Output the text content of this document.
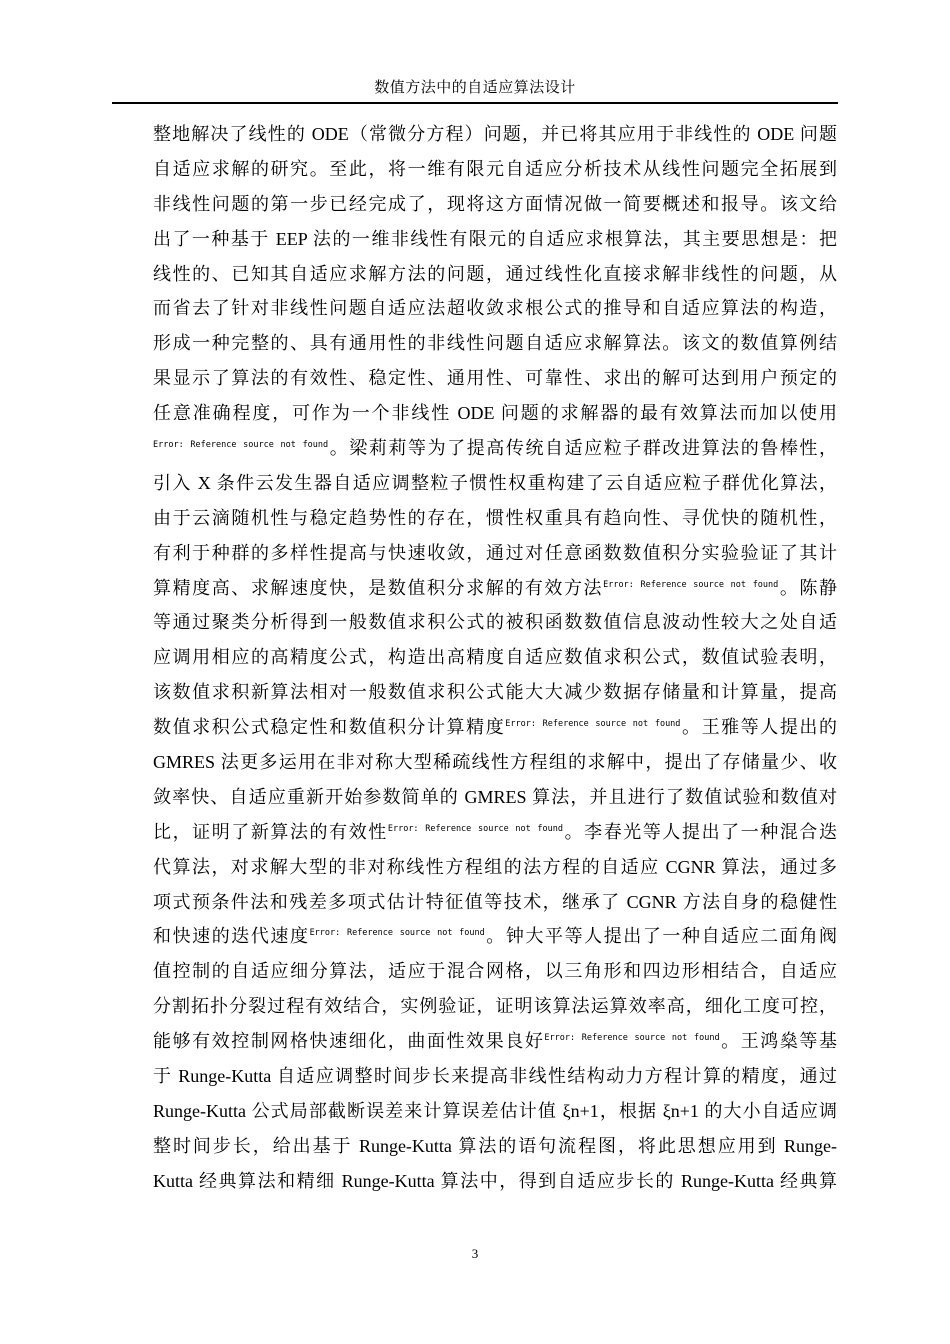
数值方法中的自适应算法设计
整地解决了线性的 ODE（常微分方程）问题，并已将其应用于非线性的 ODE 问题
自适应求解的研究。至此，将一维有限元自适应分析技术从线性问题完全拓展到
非线性问题的第一步已经完成了，现将这方面情况做一简要概述和报导。该文给
出了一种基于 EEP 法的一维非线性有限元的自适应求根算法，其主要思想是：把
线性的、已知其自适应求解方法的问题，通过线性化直接求解非线性的问题，从
而省去了针对非线性问题自适应法超收敛求根公式的推导和自适应算法的构造，
形成一种完整的、具有通用性的非线性问题自适应求解算法。该文的数值算例结
果显示了算法的有效性、稳定性、通用性、可靠性、求出的解可达到用户预定的
任意准确程度，可作为一个非线性 ODE 问题的求解器的最有效算法而加以使用
$^{Error: Reference source not found}$。梁莉莉等为了提高传统自适应粒子群改进算法的鲁棒性，
引入 X 条件云发生器自适应调整粒子惯性权重构建了云自适应粒子群优化算法，
由于云滴随机性与稳定趋势性的存在，惯性权重具有趋向性、寻优快的随机性，
有利于种群的多样性提高与快速收敛，通过对任意函数数值积分实验验证了其计
算精度高、求解速度快，是数值积分求解的有效方法$^{Error: Reference source not found}$。陈静
等通过聚类分析得到一般数值求积公式的被积函数数值信息波动性较大之处自适
应调用相应的高精度公式，构造出高精度自适应数值求积公式，数值试验表明，
该数值求积新算法相对一般数值求积公式能大大减少数据存储量和计算量，提高
数值求积公式稳定性和数值积分计算精度$^{Error: Reference source not found}$。王雅等人提出的
GMRES 法更多运用在非对称大型稀疏线性方程组的求解中，提出了存储量少、收
敛率快、自适应重新开始参数简单的 GMRES 算法，并且进行了数值试验和数值对
比，证明了新算法的有效性$^{Error: Reference source not found}$。李春光等人提出了一种混合迭
代算法，对求解大型的非对称线性方程组的法方程的自适应 CGNR 算法，通过多
项式预条件法和残差多项式估计特征值等技术，继承了 CGNR 方法自身的稳健性
和快速的迭代速度$^{Error: Reference source not found}$。钟大平等人提出了一种自适应二面角阀
值控制的自适应细分算法，适应于混合网格，以三角形和四边形相结合，自适应
分割拓扑分裂过程有效结合，实例验证，证明该算法运算效率高，细化工度可控，
能够有效控制网格快速细化，曲面性效果良好$^{Error: Reference source not found}$。王鸿燊等基
于 Runge-Kutta 自适应调整时间步长来提高非线性结构动力方程计算的精度，通过
Runge-Kutta 公式局部截断误差来计算误差估计值 ξn+1，根据 ξn+1 的大小自适应调
整时间步长，给出基于 Runge-Kutta 算法的语句流程图，将此思想应用到 Runge-
Kutta 经典算法和精细 Runge-Kutta 算法中，得到自适应步长的 Runge-Kutta 经典算
3
